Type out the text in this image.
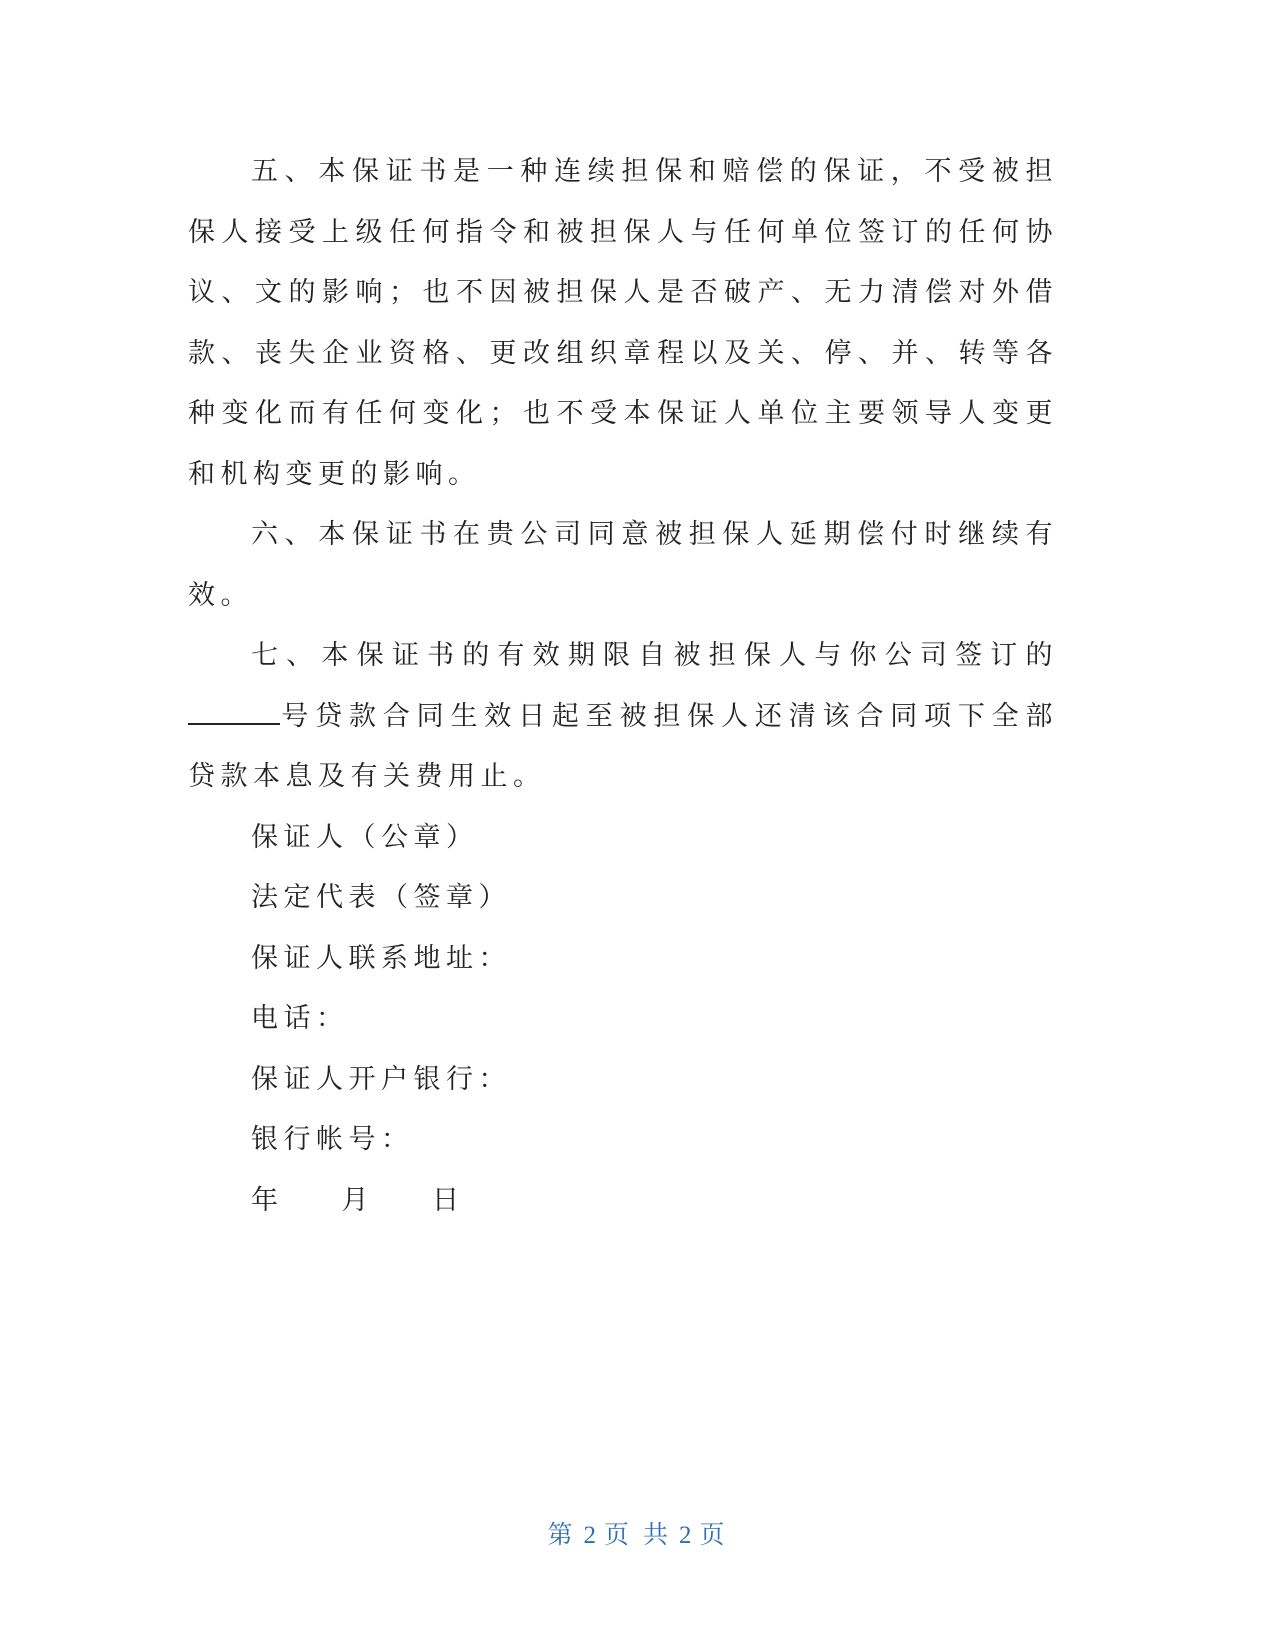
五、本保证书是一种连续担保和赔偿的保证，不受被担保人接受上级任何指令和被担保人与任何单位签订的任何协议、文的影响；也不因被担保人是否破产、无力清偿对外借款、丧失企业资格、更改组织章程以及关、停、并、转等各种变化而有任何变化；也不受本保证人单位主要领导人变更和机构变更的影响。

六、本保证书在贵公司同意被担保人延期偿付时继续有效。

七、本保证书的有效期限自被担保人与你公司签订的号贷款合同生效日起至被担保人还清该合同项下全部贷款本息及有关费用止。

保证人（公章）

法定代表（签章）

保证人联系地址：

电话：

保证人开户银行：

银行帐号：

年 月 日

第 2 页 共 2 页
